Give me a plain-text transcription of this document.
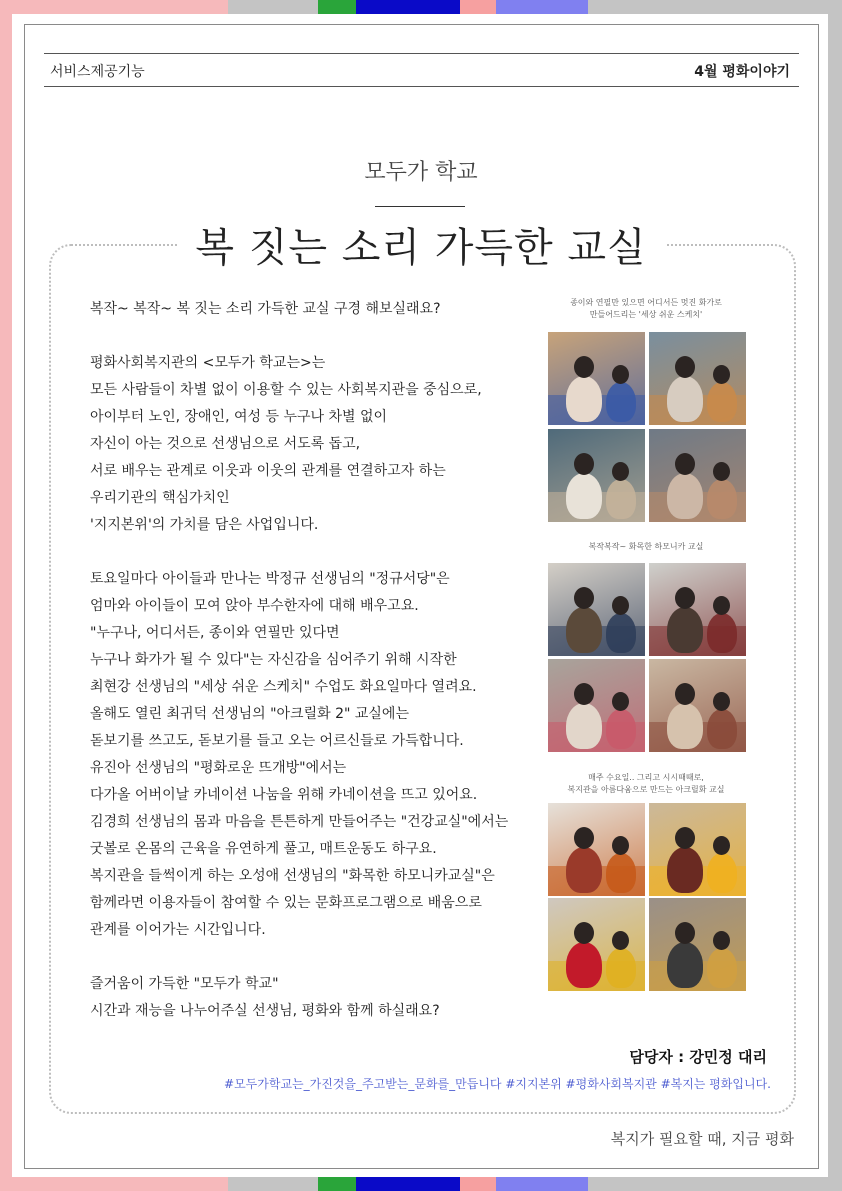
서비스제공기능	4월 평화이야기
모두가 학교
복 짓는 소리 가득한 교실
복작~ 복작~ 복 짓는 소리 가득한 교실 구경 해보실래요?
평화사회복지관의 <모두가 학교는>는
모든 사람들이 차별 없이 이용할 수 있는 사회복지관을 중심으로,
아이부터 노인, 장애인, 여성 등 누구나 차별 없이
자신이 아는 것으로 선생님으로 서도록 돕고,
서로 배우는 관계로 이웃과 이웃의 관계를 연결하고자 하는
우리기관의 핵심가치인
'지지본위'의 가치를 담은 사업입니다.
토요일마다 아이들과 만나는 박정규 선생님의 "정규서당"은
엄마와 아이들이 모여 앉아 부수한자에 대해 배우고요.
"누구나, 어디서든, 종이와 연필만 있다면
누구나 화가가 될 수 있다"는 자신감을 심어주기 위해 시작한
최현강 선생님의 "세상 쉬운 스케치" 수업도 화요일마다 열려요.
올해도 열린 최귀덕 선생님의 "아크릴화 2" 교실에는
돋보기를 쓰고도, 돋보기를 들고 오는 어르신들로 가득합니다.
유진아 선생님의 "평화로운 뜨개방"에서는
다가올 어버이날 카네이션 나눔을 위해 카네이션을 뜨고 있어요.
김경희 선생님의 몸과 마음을 튼튼하게 만들어주는 "건강교실"에서는
굿볼로 온몸의 근육을 유연하게 풀고, 매트운동도 하구요.
복지관을 들썩이게 하는 오성애 선생님의 "화목한 하모니카교실"은
함께라면 이용자들이 참여할 수 있는 문화프로그램으로 배움으로
관계를 이어가는 시간입니다.
즐거움이 가득한 "모두가 학교"
시간과 재능을 나누어주실 선생님, 평화와 함께 하실래요?
종이와 연필만 있으면 어디서든 멋진 화가로
만들어드리는 '세상 쉬운 스케치'
복작복작~ 화목한 하모니카 교실
매주 수요일.. 그리고 시시때때로,
복지관을 아름다움으로 만드는 아크릴화 교실
담당자 : 강민정 대리
#모두가학교는_가진것을_주고받는_문화를_만듭니다 #지지본위 #평화사회복지관 #복지는 평화입니다.
복지가 필요할 때, 지금 평화
